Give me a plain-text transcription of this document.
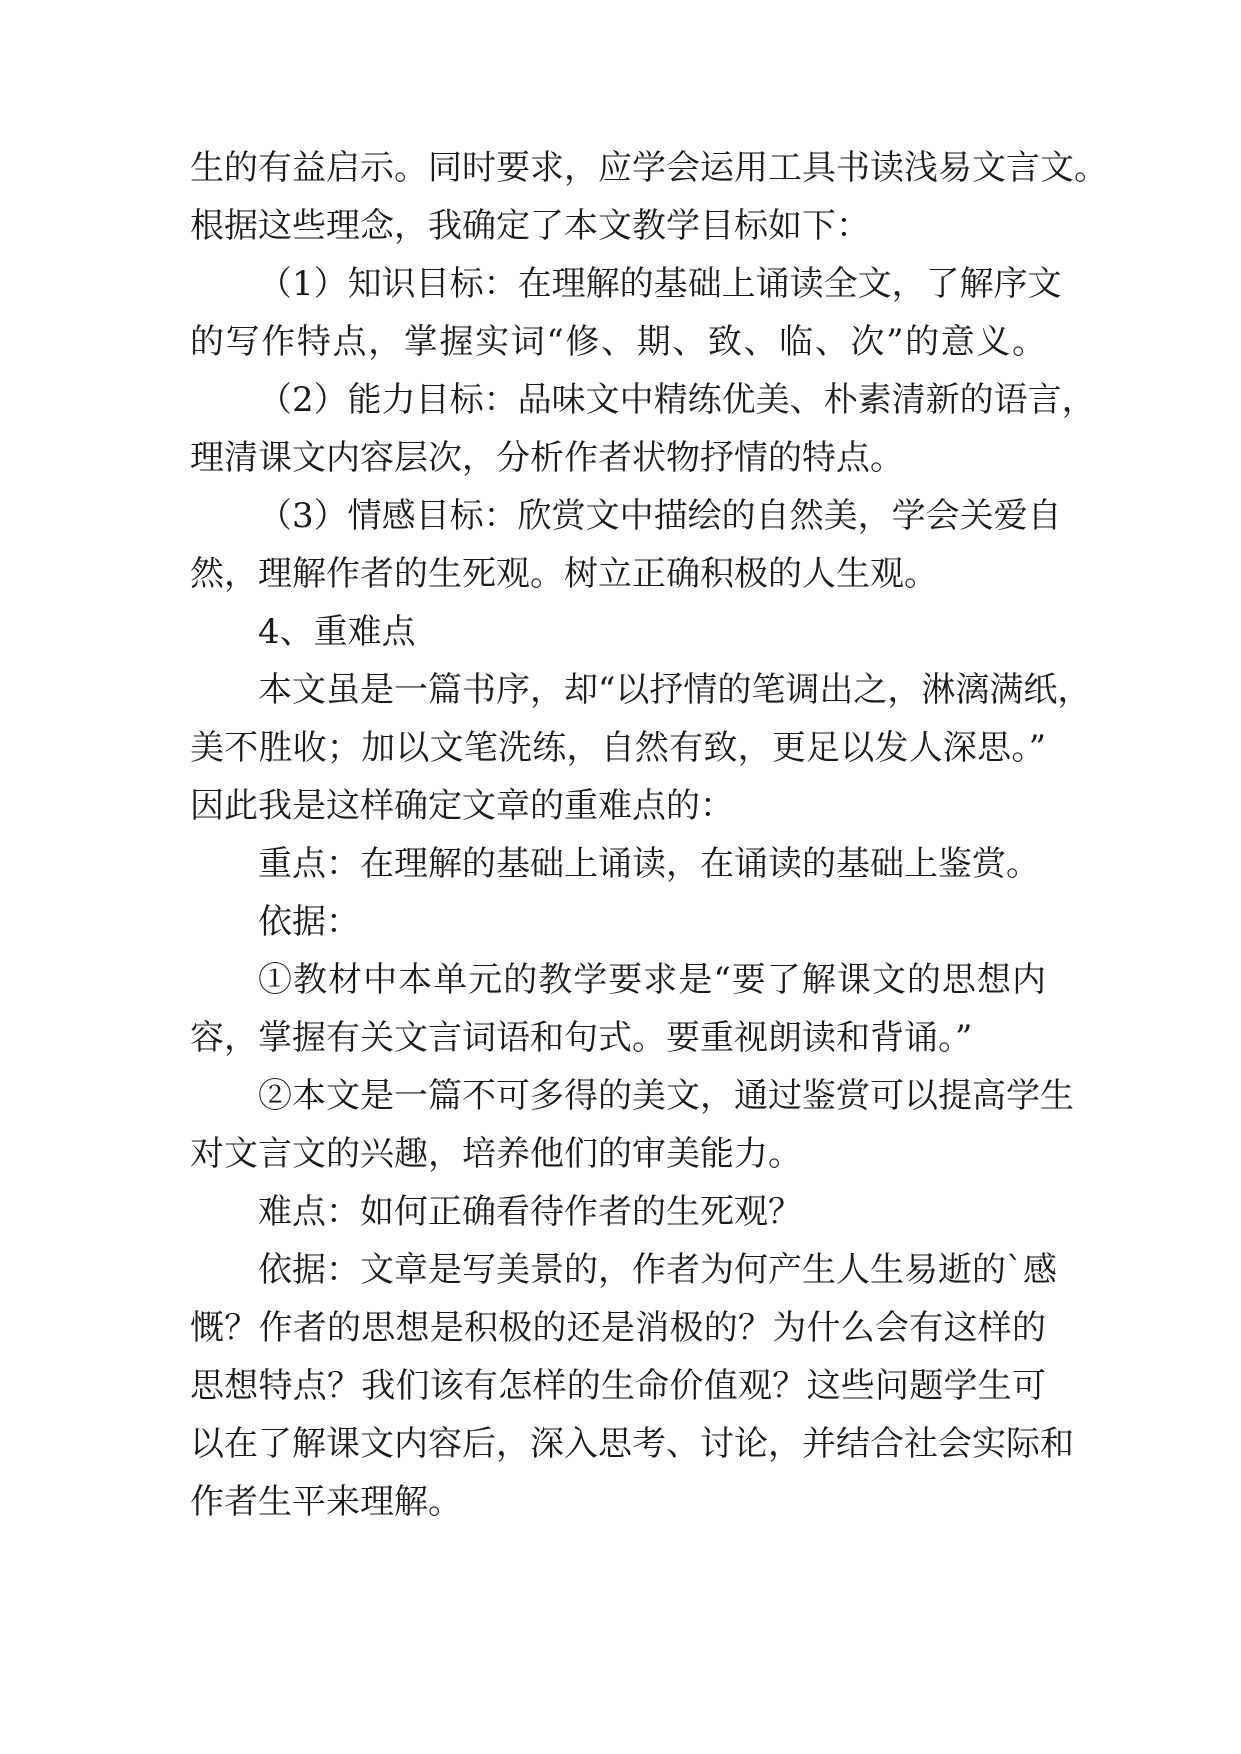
生的有益启示。同时要求，应学会运用工具书读浅易文言文。
根据这些理念，我确定了本文教学目标如下：
（1）知识目标：在理解的基础上诵读全文，了解序文
的写作特点，掌握实词“修、期、致、临、次”的意义。
（2）能力目标：品味文中精练优美、朴素清新的语言，
理清课文内容层次，分析作者状物抒情的特点。
（3）情感目标：欣赏文中描绘的自然美，学会关爱自
然，理解作者的生死观。树立正确积极的人生观。
4、重难点
本文虽是一篇书序，却“以抒情的笔调出之，淋漓满纸，
美不胜收；加以文笔洗练，自然有致，更足以发人深思。”
因此我是这样确定文章的重难点的：
重点：在理解的基础上诵读，在诵读的基础上鉴赏。
依据：
①教材中本单元的教学要求是“要了解课文的思想内
容，掌握有关文言词语和句式。要重视朗读和背诵。”
②本文是一篇不可多得的美文，通过鉴赏可以提高学生
对文言文的兴趣，培养他们的审美能力。
难点：如何正确看待作者的生死观？
依据：文章是写美景的，作者为何产生人生易逝的`感
慨？作者的思想是积极的还是消极的？为什么会有这样的
思想特点？我们该有怎样的生命价值观？这些问题学生可
以在了解课文内容后，深入思考、讨论，并结合社会实际和
作者生平来理解。
